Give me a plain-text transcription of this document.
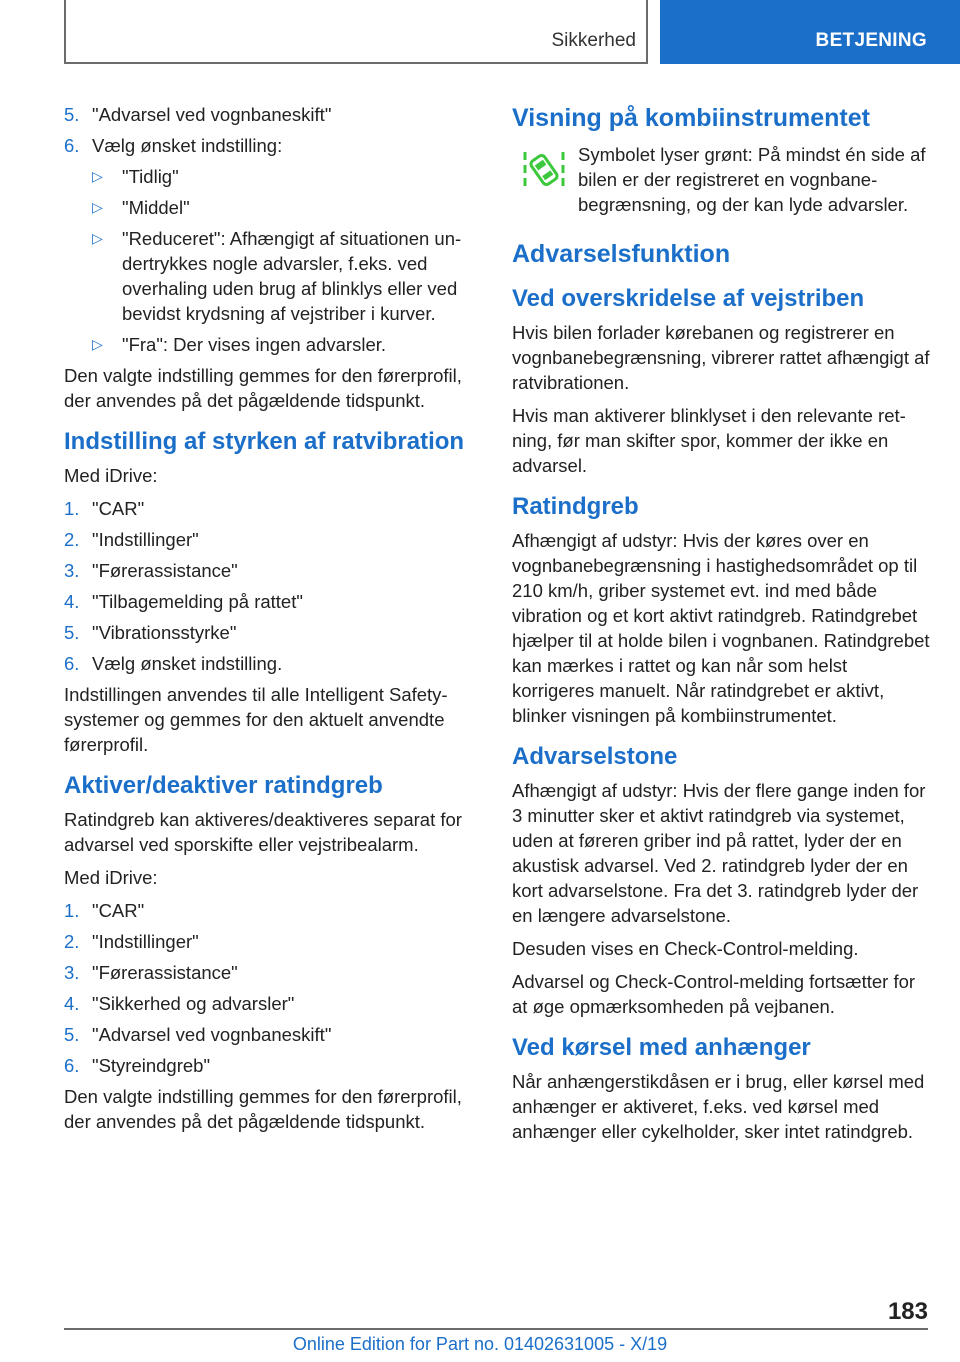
Sikkerhed	BETJENING
5. "Advarsel ved vognbaneskift"
6. Vælg ønsket indstilling:
▷ "Tidlig"
▷ "Middel"
▷ "Reduceret": Afhængigt af situationen undertrykkes nogle advarsler, f.eks. ved overhaling uden brug af blinklys eller ved bevidst krydsning af vejstriber i kurver.
▷ "Fra": Der vises ingen advarsler.

Den valgte indstilling gemmes for den førerprofil, der anvendes på det pågældende tidspunkt.

Indstilling af styrken af ratvibration

Med iDrive:

1. "CAR"
2. "Indstillinger"
3. "Førerassistance"
4. "Tilbagemelding på rattet"
5. "Vibrationsstyrke"
6. Vælg ønsket indstilling.

Indstillingen anvendes til alle Intelligent Safety-systemer og gemmes for den aktuelt anvendte førerprofil.

Aktiver/deaktiver ratindgreb

Ratindgreb kan aktiveres/deaktiveres separat for advarsel ved sporskifte eller vejstribealarm.

Med iDrive:

1. "CAR"
2. "Indstillinger"
3. "Førerassistance"
4. "Sikkerhed og advarsler"
5. "Advarsel ved vognbaneskift"
6. "Styreindgreb"

Den valgte indstilling gemmes for den førerprofil, der anvendes på det pågældende tidspunkt.

Visning på kombiinstrumentet

Symbolet lyser grønt: På mindst én side af bilen er der registreret en vognbanebegrænsning, og der kan lyde advarsler.

Advarselsfunktion
Ved overskridelse af vejstriben

Hvis bilen forlader kørebanen og registrerer en vognbanebegrænsning, vibrerer rattet afhængigt af ratvibrationen.

Hvis man aktiverer blinklyset i den relevante retning, før man skifter spor, kommer der ikke en advarsel.

Ratindgreb

Afhængigt af udstyr: Hvis der køres over en vognbanebegrænsning i hastighedsområdet op til 210 km/h, griber systemet evt. ind med både vibration og et kort aktivt ratindgreb. Ratindgrebet hjælper til at holde bilen i vognbanen. Ratindgrebet kan mærkes i rattet og kan når som helst korrigeres manuelt. Når ratindgrebet er aktivt, blinker visningen på kombiinstrumentet.

Advarselstone

Afhængigt af udstyr: Hvis der flere gange inden for 3 minutter sker et aktivt ratindgreb via systemet, uden at føreren griber ind på rattet, lyder der en akustisk advarsel. Ved 2. ratindgreb lyder der en kort advarselstone. Fra det 3. ratindgreb lyder der en længere advarselstone.

Desuden vises en Check-Control-melding.

Advarsel og Check-Control-melding fortsætter for at øge opmærksomheden på vejbanen.

Ved kørsel med anhænger

Når anhængerstikdåsen er i brug, eller kørsel med anhænger er aktiveret, f.eks. ved kørsel med anhænger eller cykelholder, sker intet ratindgreb.

183
Online Edition for Part no. 01402631005 - X/19
